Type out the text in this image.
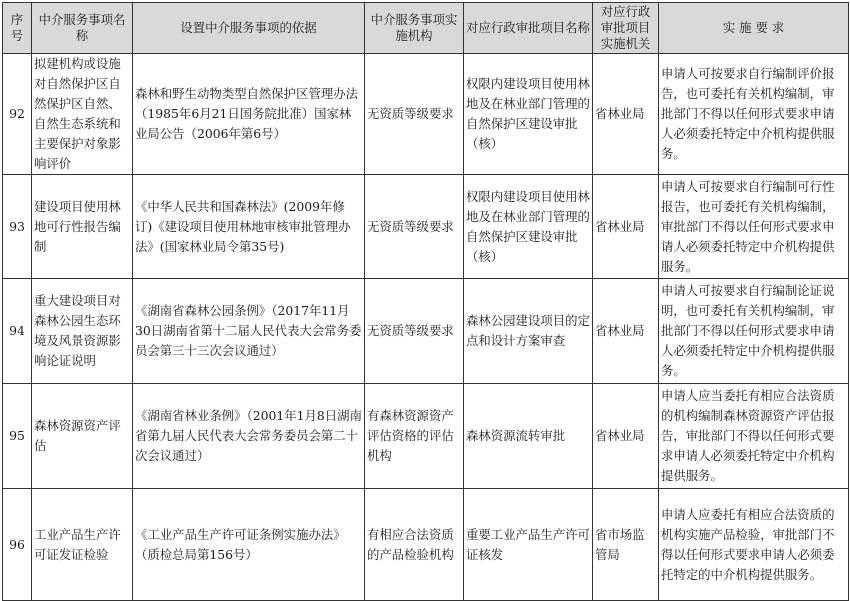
序号	中介服务事项名称	设置中介服务事项的依据	中介服务事项实施机构	对应行政审批项目名称	对应行政审批项目实施机关	实 施 要 求
92	拟建机构或设施对自然保护区自然保护区自然、自然生态系统和主要保护对象影响评价	森林和野生动物类型自然保护区管理办法（1985年6月21日国务院批准）国家林业局公告（2006年第6号）	无资质等级要求	权限内建设项目使用林地及在林业部门管理的自然保护区建设审批（核）	省林业局	申请人可按要求自行编制评价报告，也可委托有关机构编制，审批部门不得以任何形式要求申请人必须委托特定中介机构提供服务。
93	建设项目使用林地可行性报告编制	《中华人民共和国森林法》(2009年修订)《建设项目使用林地审核审批管理办法》(国家林业局令第35号)	无资质等级要求	权限内建设项目使用林地及在林业部门管理的自然保护区建设审批（核）	省林业局	申请人可按要求自行编制可行性报告，也可委托有关机构编制，审批部门不得以任何形式要求申请人必须委托特定中介机构提供服务。
94	重大建设项目对森林公园生态环境及风景资源影响论证说明	《湖南省森林公园条例》（2017年11月30日湖南省第十二届人民代表大会常务委员会第三十三次会议通过）	无资质等级要求	森林公园建设项目的定点和设计方案审查	省林业局	申请人可按要求自行编制论证说明，也可委托有关机构编制，审批部门不得以任何形式要求申请人必须委托特定中介机构提供服务。
95	森林资源资产评估	《湖南省林业条例》（2001年1月8日湖南省第九届人民代表大会常务委员会第二十次会议通过）	有森林资源资产评估资格的评估机构	森林资源流转审批	省林业局	申请人应当委托有相应合法资质的机构编制森林资源资产评估报告，审批部门不得以任何形式要求申请人必须委托特定中介机构提供服务。
96	工业产品生产许可证发证检验	《工业产品生产许可证条例实施办法》（质检总局第156号）	有相应合法资质的产品检验机构	重要工业产品生产许可证核发	省市场监管局	申请人应委托有相应合法资质的机构实施产品检验，审批部门不得以任何形式要求申请人必须委托特定的中介机构提供服务。
